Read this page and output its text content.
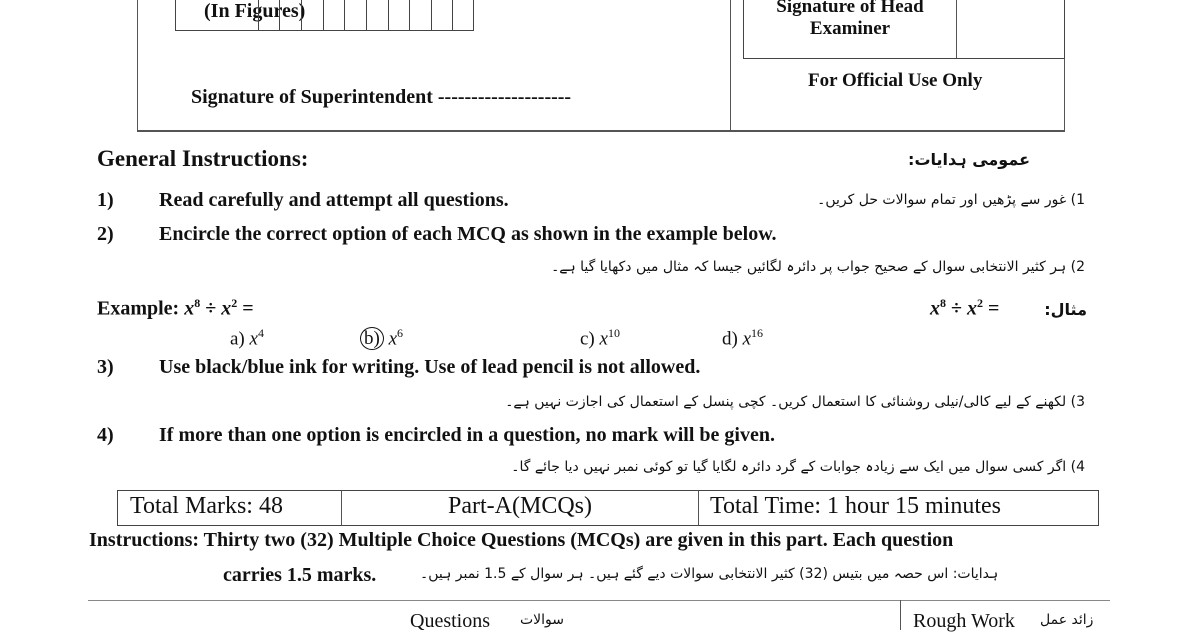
(In Figures)	Signature of Head Examiner
For Official Use Only
Signature of Superintendent --------------------
General Instructions:	عمومی ہدایات:
1) Read carefully and attempt all questions.	1) غور سے پڑھیں اور تمام سوالات حل کریں۔
2) Encircle the correct option of each MCQ as shown in the example below.
2) ہر کثیر الانتخابی سوال کے صحیح جواب پر دائرہ لگائیں جیسا کہ مثال میں دکھایا گیا ہے۔
Example: $x^8 \div x^2$ =	$x^8 \div x^2$ =	مثال:
a) $x^4$	b) $x^6$	c) $x^{10}$	d) $x^{16}$
3) Use black/blue ink for writing. Use of lead pencil is not allowed.
3) لکھنے کے لیے کالی/نیلی روشنائی کا استعمال کریں۔ کچی پنسل کے استعمال کی اجازت نہیں ہے۔
4) If more than one option is encircled in a question, no mark will be given.
4) اگر کسی سوال میں ایک سے زیادہ جوابات کے گرد دائرہ لگایا گیا تو کوئی نمبر نہیں دیا جائے گا۔
Total Marks: 48	Part-A(MCQs)	Total Time: 1 hour 15 minutes
Instructions: Thirty two (32) Multiple Choice Questions (MCQs) are given in this part. Each question
carries 1.5 marks.	ہدایات: اس حصہ میں بتیس (32) کثیر الانتخابی سوالات دیے گئے ہیں۔ ہر سوال کے 1.5 نمبر ہیں۔
Questions سوالات	Rough Work زائد عمل
